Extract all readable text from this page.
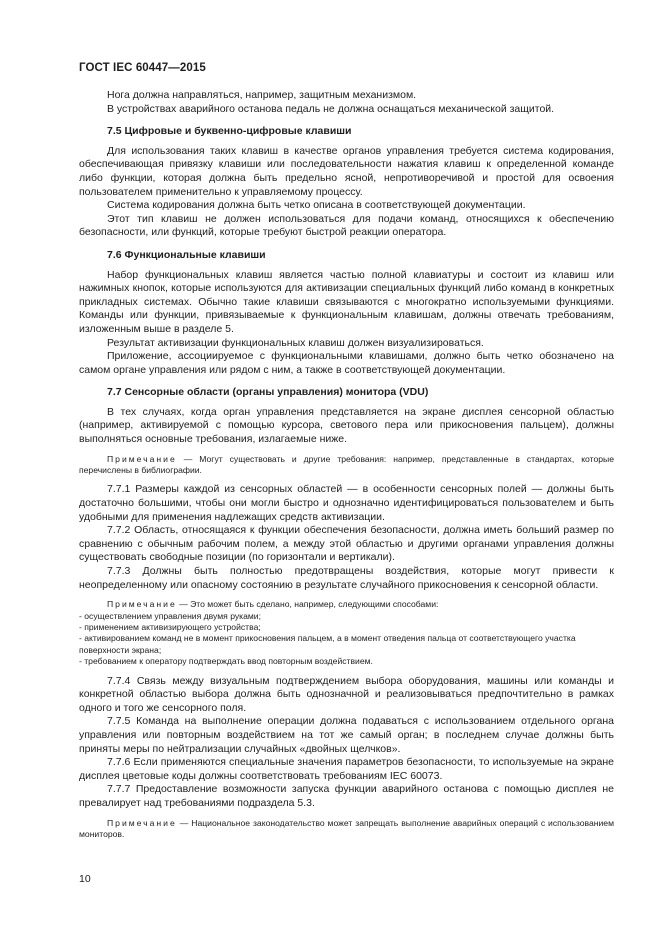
ГОСТ IEC 60447—2015

Нога должна направляться, например, защитным механизмом.

В устройствах аварийного останова педаль не должна оснащаться механической защитой.

7.5 Цифровые и буквенно-цифровые клавиши

Для использования таких клавиш в качестве органов управления требуется система кодирования, обеспечивающая привязку клавиши или последовательности нажатия клавиш к определенной команде либо функции, которая должна быть предельно ясной, непротиворечивой и простой для освоения пользователем применительно к управляемому процессу.

Система кодирования должна быть четко описана в соответствующей документации.

Этот тип клавиш не должен использоваться для подачи команд, относящихся к обеспечению безопасности, или функций, которые требуют быстрой реакции оператора.

7.6 Функциональные клавиши

Набор функциональных клавиш является частью полной клавиатуры и состоит из клавиш или нажимных кнопок, которые используются для активизации специальных функций либо команд в конкретных прикладных системах. Обычно такие клавиши связываются с многократно используемыми функциями. Команды или функции, привязываемые к функциональным клавишам, должны отвечать требованиям, изложенным выше в разделе 5.

Результат активизации функциональных клавиш должен визуализироваться.

Приложение, ассоциируемое с функциональными клавишами, должно быть четко обозначено на самом органе управления или рядом с ним, а также в соответствующей документации.

7.7 Сенсорные области (органы управления) монитора (VDU)

В тех случаях, когда орган управления представляется на экране дисплея сенсорной областью (например, активируемой с помощью курсора, светового пера или прикосновения пальцем), должны выполняться основные требования, излагаемые ниже.

Примечание — Могут существовать и другие требования: например, представленные в стандартах, которые перечислены в библиографии.

7.7.1 Размеры каждой из сенсорных областей — в особенности сенсорных полей — должны быть достаточно большими, чтобы они могли быстро и однозначно идентифицироваться пользователем и быть удобными для применения надлежащих средств активизации.

7.7.2 Область, относящаяся к функции обеспечения безопасности, должна иметь больший размер по сравнению с обычным рабочим полем, а между этой областью и другими органами управления должны существовать свободные позиции (по горизонтали и вертикали).

7.7.3 Должны быть полностью предотвращены воздействия, которые могут привести к неопределенному или опасному состоянию в результате случайного прикосновения к сенсорной области.

Примечание — Это может быть сделано, например, следующими способами:

- осуществлением управления двумя руками;

- применением активизирующего устройства;

- активированием команд не в момент прикосновения пальцем, а в момент отведения пальца от соответствующего участка поверхности экрана;

- требованием к оператору подтверждать ввод повторным воздействием.

7.7.4 Связь между визуальным подтверждением выбора оборудования, машины или команды и конкретной областью выбора должна быть однозначной и реализовываться предпочтительно в рамках одного и того же сенсорного поля.

7.7.5 Команда на выполнение операции должна подаваться с использованием отдельного органа управления или повторным воздействием на тот же самый орган; в последнем случае должны быть приняты меры по нейтрализации случайных «двойных щелчков».

7.7.6 Если применяются специальные значения параметров безопасности, то используемые на экране дисплея цветовые коды должны соответствовать требованиям IEC 60073.

7.7.7 Предоставление возможности запуска функции аварийного останова с помощью дисплея не превалирует над требованиями подраздела 5.3.

Примечание — Национальное законодательство может запрещать выполнение аварийных операций с использованием мониторов.

10
